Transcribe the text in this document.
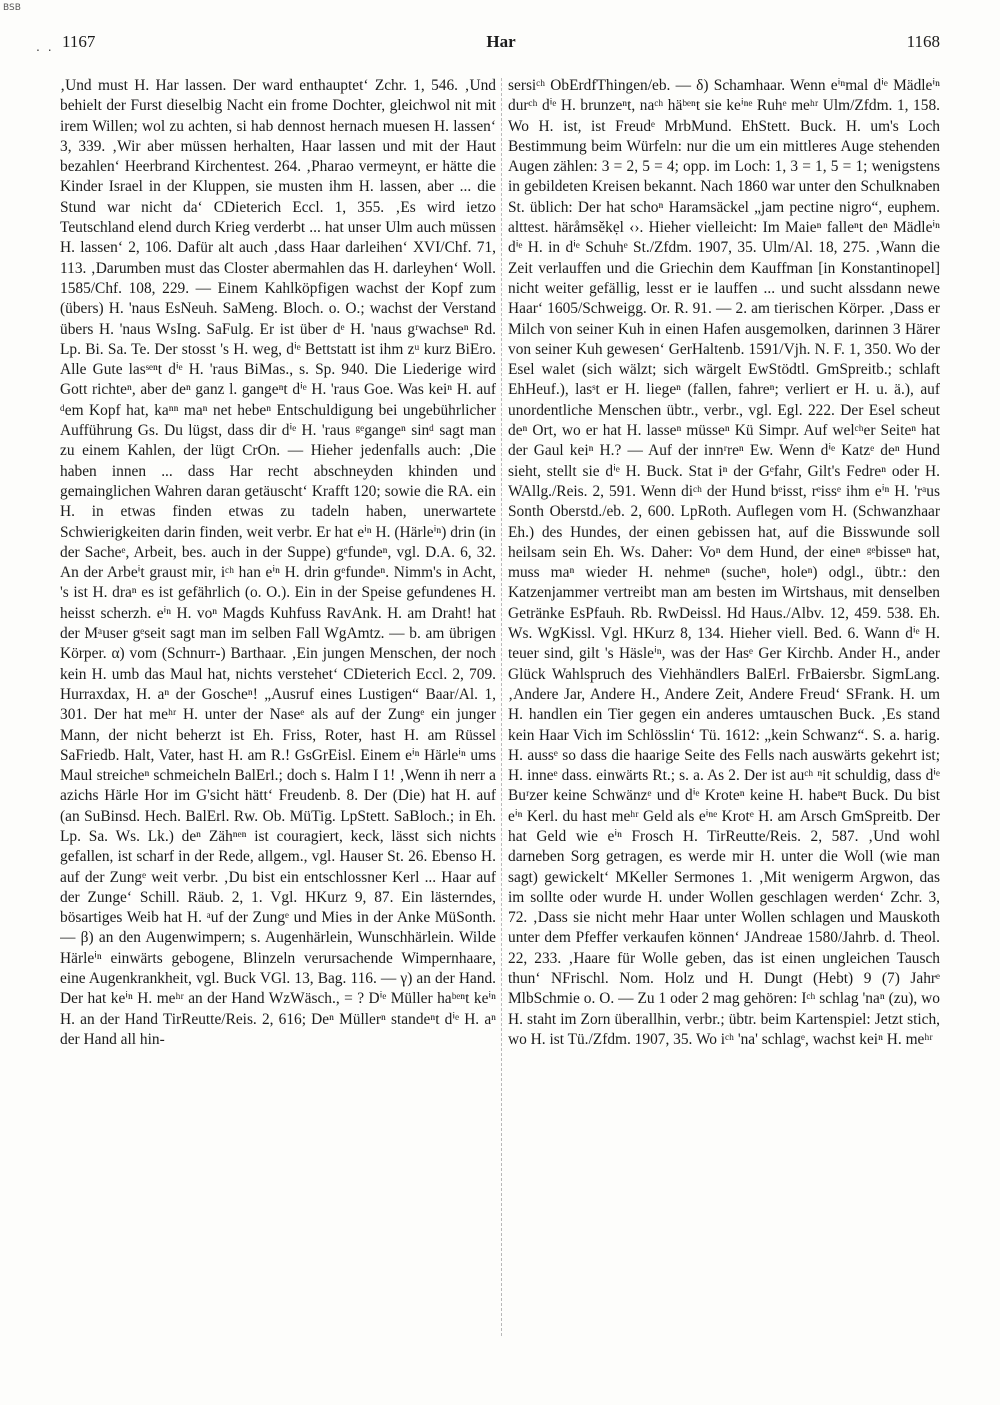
BSB
. . 1167	Har	1168

‚Und must H. Har lassen. Der ward enthauptet‘ Zchr. 1, 546. ‚Und behielt der Furst dieselbig Nacht ein frome Dochter, gleichwol nit mit irem Willen; wol zu achten, si hab dennost hernach muesen H. lassen‘ 3, 339. ‚Wir aber müssen herhalten, Haar lassen und mit der Haut bezahlen‘ Heerbrand Kirchentest. 264. ‚Pharao vermeynt, er hätte die Kinder Israel in der Kluppen, sie musten ihm H. lassen, aber ... die Stund war nicht da‘ CDieterich Eccl. 1, 355. ‚Es wird ietzo Teutschland elend durch Krieg verderbt ... hat unser Ulm auch müssen H. lassen‘ 2, 106. Dafür alt auch ‚dass Haar darleihen‘ XVI/Chf. 71, 113. ‚Darumben must das Closter abermahlen das H. darleyhen‘ Woll. 1585/Chf. 108, 229. — Einem Kahlköpfigen wachst der Kopf zum (übers) H. 'naus EsNeuh. SaMeng. Bloch. o. O.; wachst der Verstand übers H. 'naus WsIng. SaFulg. Er ist über dᵉ H. 'naus gʳwachseⁿ Rd. Lp. Bi. Sa. Te. Der stosst 's H. weg, dⁱᵉ Bettstatt ist ihm zᵘ kurz BiEro. Alle Gute lasˢᵉⁿt dⁱᵉ H. 'raus BiMas., s. Sp. 940. Die Liederige wird Gott richteⁿ, aber deⁿ ganz l. gangeⁿt dⁱᵉ H. 'raus Goe. Was keiⁿ H. auf ᵈem Kopf hat, kaⁿⁿ maⁿ net hebeⁿ Entschuldigung bei ungebührlicher Aufführung Gs. Du lügst, dass dir dⁱᵉ H. 'raus ᵍᵉgangeⁿ sinᵈ sagt man zu einem Kahlen, der lügt CrOn. — Hieher jedenfalls auch: ‚Die haben innen ... dass Har recht abschneyden khinden und gemainglichen Wahren daran getäuscht‘ Krafft 120; sowie die RA. ein H. in etwas finden etwas zu tadeln haben, unerwartete Schwierigkeiten darin finden, weit verbr. Er hat eⁱⁿ H. (Härleⁱⁿ) drin (in der Sacheᵉ, Arbeit, bes. auch in der Suppe) gᵉfundeⁿ, vgl. D.A. 6, 32. An der Arbeⁱt graust mir, iᶜʰ han eⁱⁿ H. drin gᵉfundeⁿ. Nimm's in Acht, 's ist H. draⁿ es ist gefährlich (o. O.). Ein in der Speise gefundenes H. heisst scherzh. eⁱⁿ H. voⁿ Magds Kuhfuss RavAnk. H. am Draht! hat der Mᵃuser gᵉseit sagt man im selben Fall WgAmtz. — b. am übrigen Körper. α) vom (Schnurr-) Barthaar. ‚Ein jungen Menschen, der noch kein H. umb das Maul hat, nichts verstehet‘ CDieterich Eccl. 2, 709. Hurraxdax, H. aⁿ der Goscheⁿ! „Ausruf eines Lustigen“ Baar/Al. 1, 301. Der hat meʰʳ H. unter der Naseᵉ als auf der Zungᵉ ein junger Mann, der nicht beherzt ist Eh. Friss, Roter, hast H. am Rüssel SaFriedb. Halt, Vater, hast H. am R.! GsGrEisl. Einem eⁱⁿ Härleⁱⁿ ums Maul streicheⁿ schmeicheln BalErl.; doch s. Halm I 1! ‚Wenn ih nerr a azichs Härle Hor im G'sicht hätt‘ Freudenb. 8. Der (Die) hat H. auf (an SuBinsd. Hech. BalErl. Rw. Ob. MüTig. LpStett. SaBloch.; in Eh. Lp. Sa. Ws. Lk.) deⁿ Zähⁿᵉⁿ ist couragiert, keck, lässt sich nichts gefallen, ist scharf in der Rede, allgem., vgl. Hauser St. 26. Ebenso H. auf der Zungᵉ weit verbr. ‚Du bist ein entschlossner Kerl ... Haar auf der Zunge‘ Schill. Räub. 2, 1. Vgl. HKurz 9, 87. Ein lästerndes, bösartiges Weib hat H. ᵃuf der Zungᵉ und Mies in der Anke MüSonth. — β) an den Augenwimpern; s. Augenhärlein, Wunschhärlein. Wilde Härleⁱⁿ einwärts gebogene, Blinzeln verursachende Wimpernhaare, eine Augenkrankheit, vgl. Buck VGl. 13, Bag. 116. — γ) an der Hand. Der hat keⁱⁿ H. meʰʳ an der Hand WzWäsch., = ? Dⁱᵉ Müller haᵇᵉⁿt keⁱⁿ H. an der Hand TirReutte/Reis. 2, 616; Deⁿ Müllerⁿ standeⁿt dⁱᵉ H. aⁿ der Hand all hin-

sersiᶜʰ ObErdfThingen/eb. — δ) Schamhaar. Wenn eⁱⁿmal dⁱᵉ Mädleⁱⁿ durᶜʰ dⁱᵉ H. brunzeⁿt, naᶜʰ häᵇᵉⁿt sie keⁱⁿᵉ Ruhᵉ meʰʳ Ulm/Zfdm. 1, 158. Wo H. ist, ist Freudᵉ MrbMund. EhStett. Buck. H. um's Loch Bestimmung beim Würfeln: nur die um ein mittleres Auge stehenden Augen zählen: 3 = 2, 5 = 4; opp. im Loch: 1, 3 = 1, 5 = 1; wenigstens in gebildeten Kreisen bekannt. Nach 1860 war unter den Schulknaben St. üblich: Der hat schoⁿ Haramsäckel „jam pectine nigro“, euphem. alttest. häråmsĕkẹl ‹›. Hieher vielleicht: Im Maieⁿ falleⁿt deⁿ Mädleⁱⁿ dⁱᵉ H. in dⁱᵉ Schuhᵉ St./Zfdm. 1907, 35. Ulm/Al. 18, 275. ‚Wann die Zeit verlauffen und die Griechin dem Kauffman [in Konstantinopel] nicht weiter gefällig, lesst er ie lauffen ... und sucht alssdann newe Haar‘ 1605/Schweigg. Or. R. 91. — 2. am tierischen Körper. ‚Dass er Milch von seiner Kuh in einen Hafen ausgemolken, darinnen 3 Härer von seiner Kuh gewesen‘ GerHaltenb. 1591/Vjh. N. F. 1, 350. Wo der Esel walet (sich wälzt; sich wärgelt EwStödtl. GmSpreitb.; schlaft EhHeuf.), lasˢt er H. liegeⁿ (fallen, fahreⁿ; verliert er H. u. ä.), auf unordentliche Menschen übtr., verbr., vgl. Egl. 222. Der Esel scheut deⁿ Ort, wo er hat H. lasseⁿ müsseⁿ Kü Simpr. Auf welᶜʰer Seiteⁿ hat der Gaul keiⁿ H.? — Auf der innʳreⁿ Ew. Wenn dⁱᵉ Katzᵉ deⁿ Hund sieht, stellt sie dⁱᵉ H. Buck. Stat iⁿ der Gᵉfahr, Gilt's Fedreⁿ oder H. WAllg./Reis. 2, 591. Wenn diᶜʰ der Hund bᵉisst, rᵉissᵉ ihm eⁱⁿ H. 'rᵃus Sonth Oberstd./eb. 2, 600. LpRoth. Auflegen vom H. (Schwanzhaar Eh.) des Hundes, der einen gebissen hat, auf die Bisswunde soll heilsam sein Eh. Ws. Daher: Voⁿ dem Hund, der eineⁿ ᵍᵉbisseⁿ hat, muss maⁿ wieder H. nehmeⁿ (sucheⁿ, holeⁿ) odgl., übtr.: den Katzenjammer vertreibt man am besten im Wirtshaus, mit denselben Getränke EsPfauh. Rb. RwDeissl. Hd Haus./Albv. 12, 459. 538. Eh. Ws. WgKissl. Vgl. HKurz 8, 134. Hieher viell. Bed. 6. Wann dⁱᵉ H. teuer sind, gilt 's Häsleⁱⁿ, was der Hasᵉ Ger Kirchb. Ander H., ander Glück Wahlspruch des Viehhändlers BalErl. FrBaiersbr. SigmLang. ‚Andere Jar, Andere H., Andere Zeit, Andere Freud‘ SFrank. H. um H. handlen ein Tier gegen ein anderes umtauschen Buck. ‚Es stand kein Haar Vich im Schlösslin‘ Tü. 1612: „kein Schwanz“. S. a. harig. H. aussᵉ so dass die haarige Seite des Fells nach auswärts gekehrt ist; H. inneᵉ dass. einwärts Rt.; s. a. As 2. Der ist auᶜʰ ⁿit schuldig, dass dⁱᵉ Buʳzer keine Schwänzᵉ und dⁱᵉ Kroteⁿ keine H. habeⁿt Buck. Du bist eⁱⁿ Kerl. du hast meʰʳ Geld als eⁱⁿᵉ Krotᵉ H. am Arsch GmSpreitb. Der hat Geld wie eⁱⁿ Frosch H. TirReutte/Reis. 2, 587. ‚Und wohl darneben Sorg getragen, es werde mir H. unter die Woll (wie man sagt) gewickelt‘ MKeller Sermones 1. ‚Mit wenigerm Argwon, das im sollte oder wurde H. under Wollen geschlagen werden‘ Zchr. 3, 72. ‚Dass sie nicht mehr Haar unter Wollen schlagen und Mauskoth unter dem Pfeffer verkaufen können‘ JAndreae 1580/Jahrb. d. Theol. 22, 233. ‚Haare für Wolle geben, das ist einen ungleichen Tausch thun‘ NFrischl. Nom. Holz und H. Dungt (Hebt) 9 (7) Jahrᵉ MlbSchmie o. O. — Zu 1 oder 2 mag gehören: Iᶜʰ schlag 'naⁿ (zu), wo H. staht im Zorn überallhin, verbr.; übtr. beim Kartenspiel: Jetzt stich, wo H. ist Tü./Zfdm. 1907, 35. Wo iᶜʰ 'na' schlagᵉ, wachst keiⁿ H. meʰʳ
